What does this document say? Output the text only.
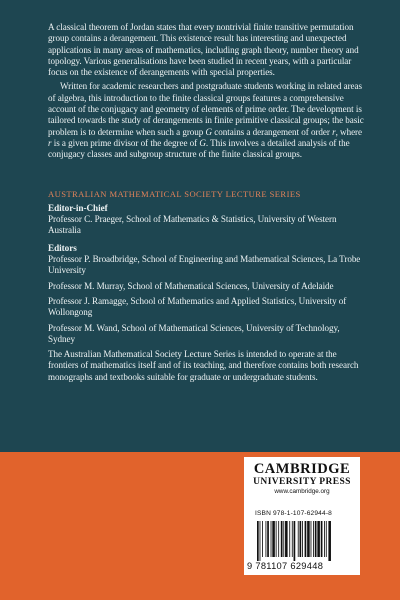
A classical theorem of Jordan states that every nontrivial finite transitive permutation group contains a derangement. This existence result has interesting and unexpected applications in many areas of mathematics, including graph theory, number theory and topology. Various generalisations have been studied in recent years, with a particular focus on the existence of derangements with special properties.

Written for academic researchers and postgraduate students working in related areas of algebra, this introduction to the finite classical groups features a comprehensive account of the conjugacy and geometry of elements of prime order. The development is tailored towards the study of derangements in finite primitive classical groups; the basic problem is to determine when such a group G contains a derangement of order r, where r is a given prime divisor of the degree of G. This involves a detailed analysis of the conjugacy classes and subgroup structure of the finite classical groups.

AUSTRALIAN MATHEMATICAL SOCIETY LECTURE SERIES
Editor-in-Chief
Professor C. Praeger, School of Mathematics & Statistics, University of Western Australia
Editors
Professor P. Broadbridge, School of Engineering and Mathematical Sciences, La Trobe University
Professor M. Murray, School of Mathematical Sciences, University of Adelaide
Professor J. Ramagge, School of Mathematics and Applied Statistics, University of Wollongong
Professor M. Wand, School of Mathematical Sciences, University of Technology, Sydney
The Australian Mathematical Society Lecture Series is intended to operate at the frontiers of mathematics itself and of its teaching, and therefore contains both research monographs and textbooks suitable for graduate or undergraduate students.
CAMBRIDGE
UNIVERSITY PRESS
www.cambridge.org
ISBN 978-1-107-62944-8
9 781107 629448
